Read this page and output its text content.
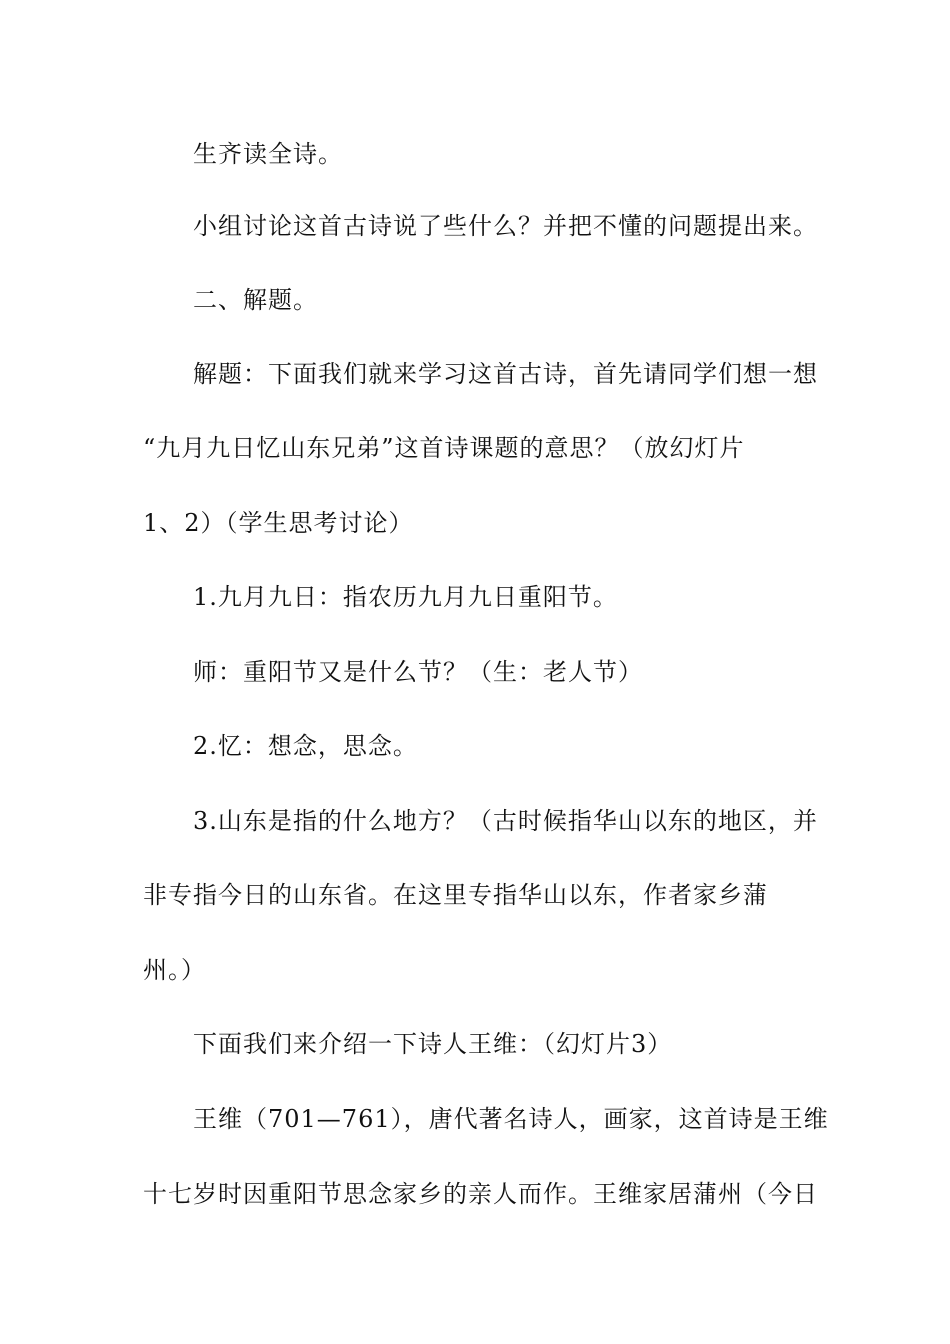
生齐读全诗。
小组讨论这首古诗说了些什么？并把不懂的问题提出来。
二、解题。
解题：下面我们就来学习这首古诗，首先请同学们想一想
“九月九日忆山东兄弟”这首诗课题的意思？（放幻灯片
1、2）（学生思考讨论）
1.九月九日：指农历九月九日重阳节。
师：重阳节又是什么节？（生：老人节）
2.忆：想念，思念。
3.山东是指的什么地方？（古时候指华山以东的地区，并
非专指今日的山东省。在这里专指华山以东，作者家乡蒲
州。）
下面我们来介绍一下诗人王维：（幻灯片3）
王维（701—761），唐代著名诗人，画家，这首诗是王维
十七岁时因重阳节思念家乡的亲人而作。王维家居蒲州（今日
